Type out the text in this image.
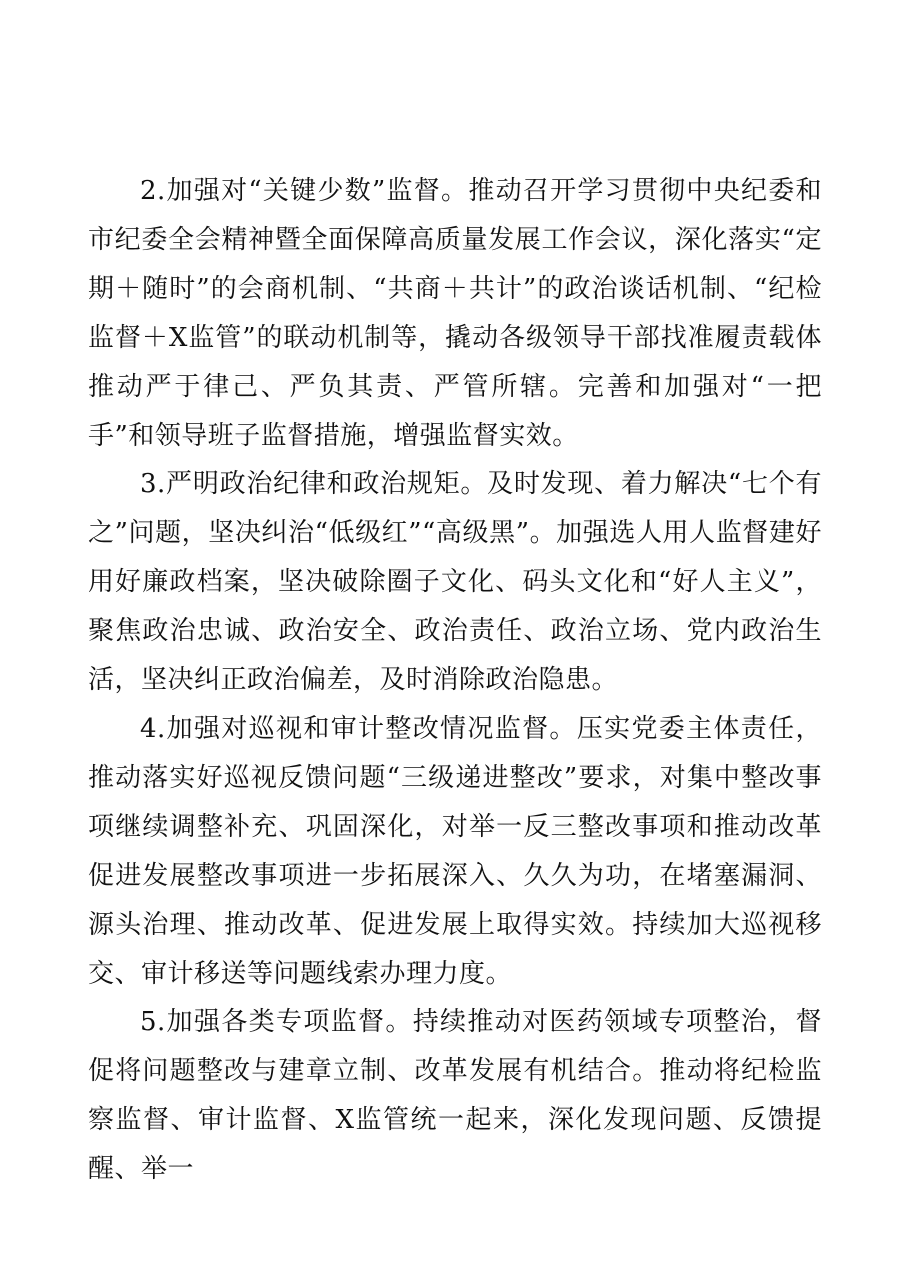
2.加强对“关键少数”监督。推动召开学习贯彻中央纪委和市纪委全会精神暨全面保障高质量发展工作会议，深化落实“定期＋随时”的会商机制、“共商＋共计”的政治谈话机制、“纪检监督＋X监管”的联动机制等，撬动各级领导干部找准履责载体推动严于律己、严负其责、严管所辖。完善和加强对“一把手”和领导班子监督措施，增强监督实效。

3.严明政治纪律和政治规矩。及时发现、着力解决“七个有之”问题，坚决纠治“低级红”“高级黑”。加强选人用人监督建好用好廉政档案，坚决破除圈子文化、码头文化和“好人主义”，聚焦政治忠诚、政治安全、政治责任、政治立场、党内政治生活，坚决纠正政治偏差，及时消除政治隐患。

4.加强对巡视和审计整改情况监督。压实党委主体责任，推动落实好巡视反馈问题“三级递进整改”要求，对集中整改事项继续调整补充、巩固深化，对举一反三整改事项和推动改革促进发展整改事项进一步拓展深入、久久为功，在堵塞漏洞、源头治理、推动改革、促进发展上取得实效。持续加大巡视移交、审计移送等问题线索办理力度。

5.加强各类专项监督。持续推动对医药领域专项整治，督促将问题整改与建章立制、改革发展有机结合。推动将纪检监察监督、审计监督、X监管统一起来，深化发现问题、反馈提醒、举一
